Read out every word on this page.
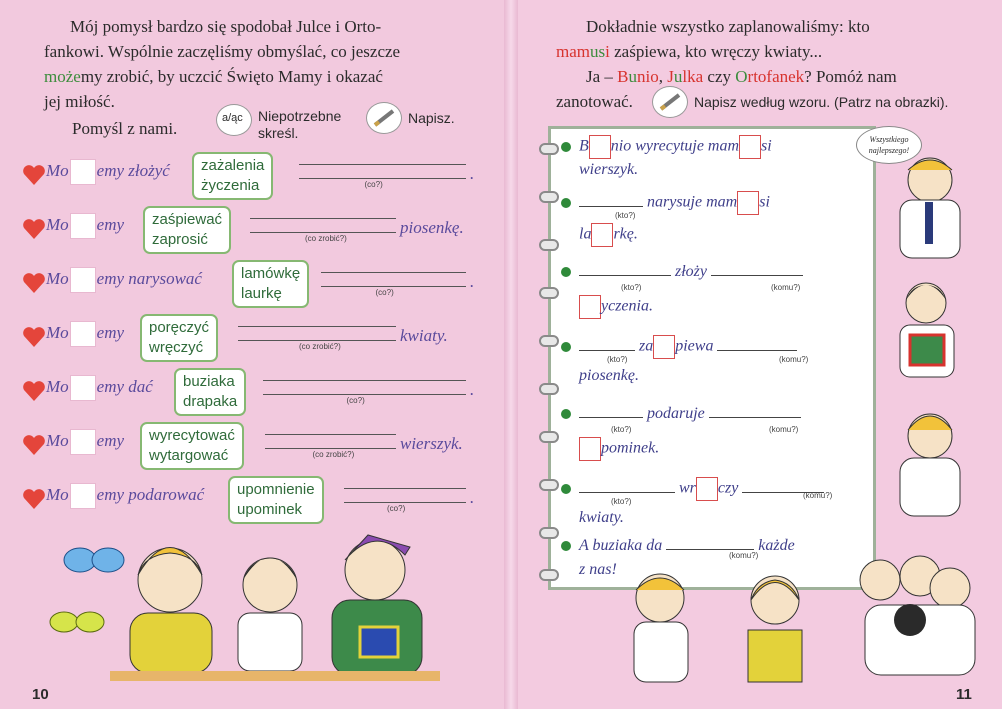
Mój pomysł bardzo się spodobał Julce i Orto-
fankowi. Wspólnie zaczęliśmy obmyślać, co jeszcze
możemy zrobić, by uczcić Święto Mamy i okazać
jej miłość.
Pomyśl z nami.
a/ąc Niepotrzebne
skreśl.
Napisz.
Mo emy złożyć zażalenia
życzenia	(co?)
.
Mo emy zaśpiewać
zaprosić	(co zrobić?)
piosenkę.
Mo emy narysować	lamówkę
laurkę	(co?)
.
Mo emy poręczyć
wręczyć	(co zrobić?)
kwiaty.
Mo emy dać buziaka
drapaka	(co?)
.
Mo emy wyrecytować
wytargować	(co zrobić?)
wierszyk.
Mo emy podarować upomnienie
upominek	(co?)
.
10
Dokładnie wszystko zaplanowaliśmy: kto
mamusi zaśpiewa, kto wręczy kwiaty...
Ja – Bunio, Julka czy Ortofanek? Pomóż nam
zanotować.	Napisz według wzoru. (Patrz na obrazki).
B nio wyrecytuje mam si
wierszyk.
narysuje mam si
(kto?)
la rkę.
złoży
(kto?)	(komu?)
yczenia.
za piewa
(kto?)	(komu?)
piosenkę.
podaruje
(kto?)	(komu?)
pominek.
wr czy
(kto?)
(komu?)
kwiaty.
A buziaka da	każde
(komu?)
z nas!
Wszystkiego najlepszego!
11
